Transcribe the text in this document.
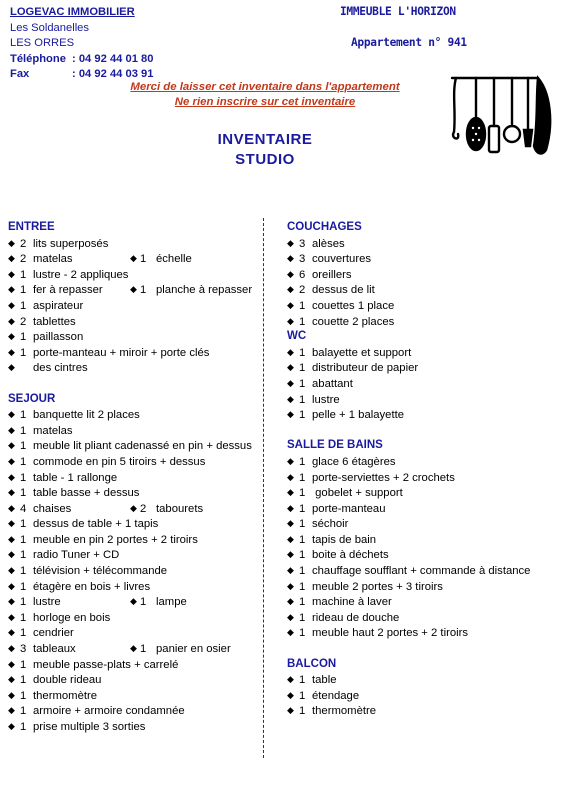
LOGEVAC IMMOBILIER
Les Soldanelles
LES ORRES
Téléphone : 04 92 44 01 80
Fax	: 04 92 44 03 91
IMMEUBLE L'HORIZON
Appartement n° 941
Merci de laisser cet inventaire dans l'appartement
Ne rien inscrire sur cet inventaire
INVENTAIRE
STUDIO
ENTREE
◆ 2 lits superposés
◆ 2 matelas	◆ 1 échelle
◆ 1 lustre - 2 appliques
◆ 1 fer à repasser	◆ 1 planche à repasser
◆ 1 aspirateur
◆ 2 tablettes
◆ 1 paillasson
◆ 1 porte-manteau + miroir + porte clés
◆ des cintres
SEJOUR
◆ 1 banquette lit 2 places
◆ 1 matelas
◆ 1 meuble lit pliant cadenassé en pin + dessus
◆ 1 commode en pin 5 tiroirs + dessus
◆ 1 table - 1 rallonge
◆ 1 table basse + dessus
◆ 4 chaises	◆ 2 tabourets
◆ 1 dessus de table + 1 tapis
◆ 1 meuble en pin 2 portes + 2 tiroirs
◆ 1 radio Tuner + CD
◆ 1 télévision + télécommande
◆ 1 étagère en bois + livres
◆ 1 lustre	◆ 1 lampe
◆ 1 horloge en bois
◆ 1 cendrier
◆ 3 tableaux	◆ 1 panier en osier
◆ 1 meuble passe-plats + carrelé
◆ 1 double rideau
◆ 1 thermomètre
◆ 1 armoire + armoire condamnée
◆ 1 prise multiple 3 sorties
COUCHAGES
◆ 3 alèses
◆ 3 couvertures
◆ 6 oreillers
◆ 2 dessus de lit
◆ 1 couettes 1 place
◆ 1 couette 2 places
WC
◆ 1 balayette et support
◆ 1 distributeur de papier
◆ 1 abattant
◆ 1 lustre
◆ 1 pelle + 1 balayette
SALLE DE BAINS
◆ 1 glace 6 étagères
◆ 1 porte-serviettes + 2 crochets
◆ 1 gobelet + support
◆ 1 porte-manteau
◆ 1 séchoir
◆ 1 tapis de bain
◆ 1 boite à déchets
◆ 1 chauffage soufflant + commande à distance
◆ 1 meuble 2 portes + 3 tiroirs
◆ 1 machine à laver
◆ 1 rideau de douche
◆ 1 meuble haut 2 portes + 2 tiroirs
BALCON
◆ 1 table
◆ 1 étendage
◆ 1 thermomètre
